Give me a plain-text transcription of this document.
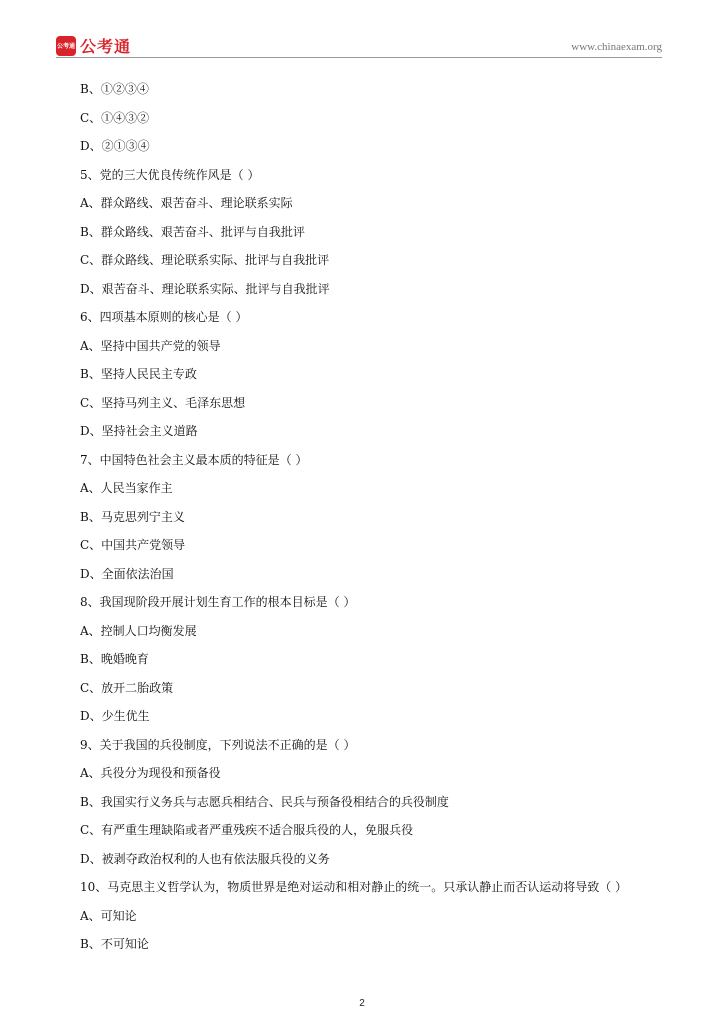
公考通 公考通	www.chinaexam.org
B、①②③④
C、①④③②
D、②①③④
5、党的三大优良传统作风是（ ）
A、群众路线、艰苦奋斗、理论联系实际
B、群众路线、艰苦奋斗、批评与自我批评
C、群众路线、理论联系实际、批评与自我批评
D、艰苦奋斗、理论联系实际、批评与自我批评
6、四项基本原则的核心是（ ）
A、坚持中国共产党的领导
B、坚持人民民主专政
C、坚持马列主义、毛泽东思想
D、坚持社会主义道路
7、中国特色社会主义最本质的特征是（ ）
A、人民当家作主
B、马克思列宁主义
C、中国共产党领导
D、全面依法治国
8、我国现阶段开展计划生育工作的根本目标是（ ）
A、控制人口均衡发展
B、晚婚晚育
C、放开二胎政策
D、少生优生
9、关于我国的兵役制度，下列说法不正确的是（ ）
A、兵役分为现役和预备役
B、我国实行义务兵与志愿兵相结合、民兵与预备役相结合的兵役制度
C、有严重生理缺陷或者严重残疾不适合服兵役的人，免服兵役
D、被剥夺政治权利的人也有依法服兵役的义务
10、马克思主义哲学认为，物质世界是绝对运动和相对静止的统一。只承认静止而否认运动将导致（ ）
A、可知论
B、不可知论
2
